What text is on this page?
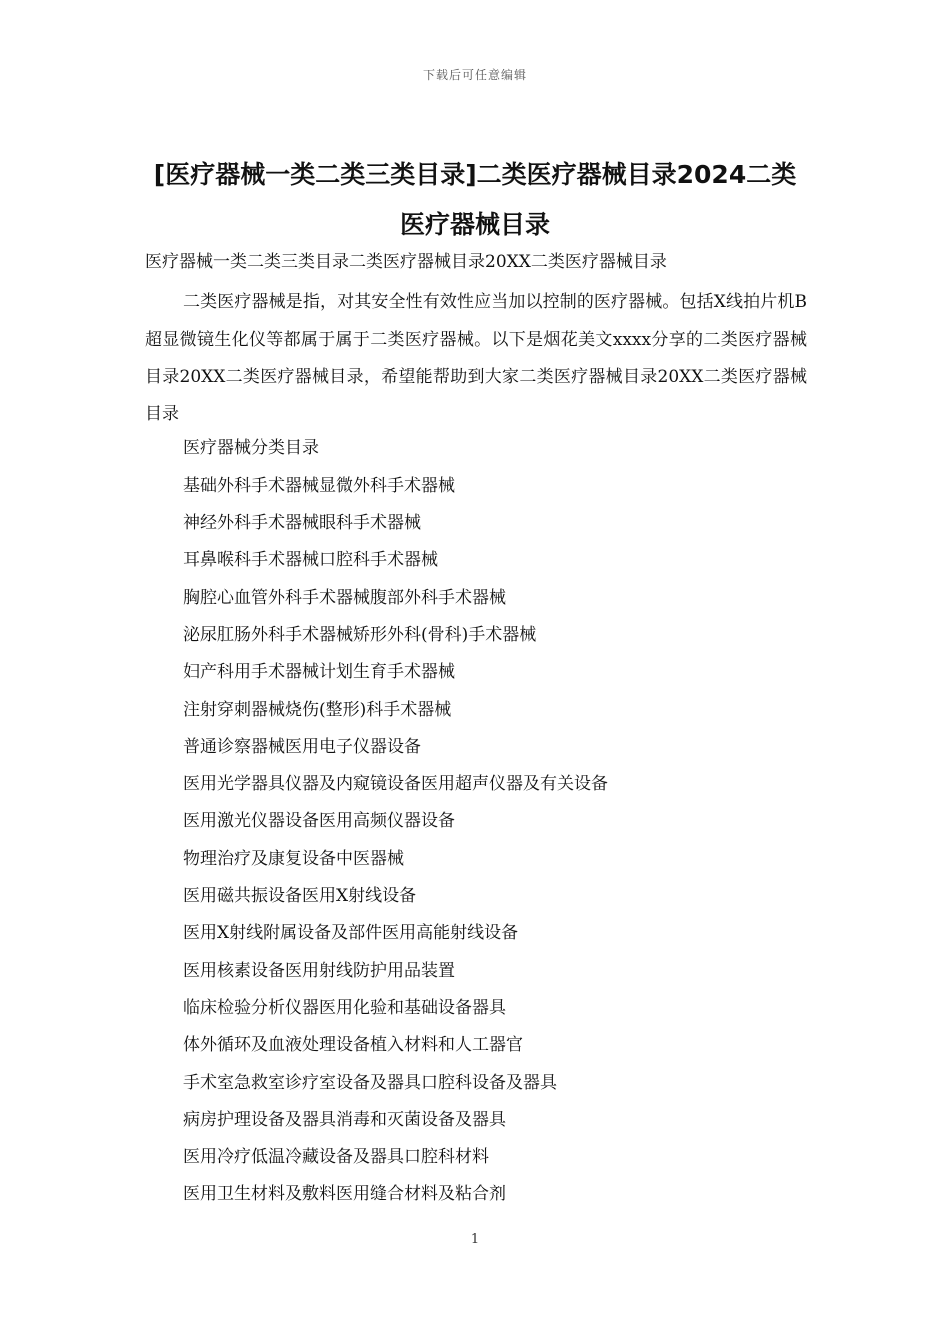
下载后可任意编辑
[医疗器械一类二类三类目录]二类医疗器械目录2024二类医疗器械目录
医疗器械一类二类三类目录二类医疗器械目录20XX二类医疗器械目录

二类医疗器械是指，对其安全性有效性应当加以控制的医疗器械。包括X线拍片机B超显微镜生化仪等都属于属于二类医疗器械。以下是烟花美文xxxx分享的二类医疗器械目录20XX二类医疗器械目录，希望能帮助到大家二类医疗器械目录20XX二类医疗器械目录

医疗器械分类目录
基础外科手术器械显微外科手术器械
神经外科手术器械眼科手术器械
耳鼻喉科手术器械口腔科手术器械
胸腔心血管外科手术器械腹部外科手术器械
泌尿肛肠外科手术器械矫形外科(骨科)手术器械
妇产科用手术器械计划生育手术器械
注射穿刺器械烧伤(整形)科手术器械
普通诊察器械医用电子仪器设备
医用光学器具仪器及内窥镜设备医用超声仪器及有关设备
医用激光仪器设备医用高频仪器设备
物理治疗及康复设备中医器械
医用磁共振设备医用X射线设备
医用X射线附属设备及部件医用高能射线设备
医用核素设备医用射线防护用品装置
临床检验分析仪器医用化验和基础设备器具
体外循环及血液处理设备植入材料和人工器官
手术室急救室诊疗室设备及器具口腔科设备及器具
病房护理设备及器具消毒和灭菌设备及器具
医用冷疗低温冷藏设备及器具口腔科材料
医用卫生材料及敷料医用缝合材料及粘合剂
1
